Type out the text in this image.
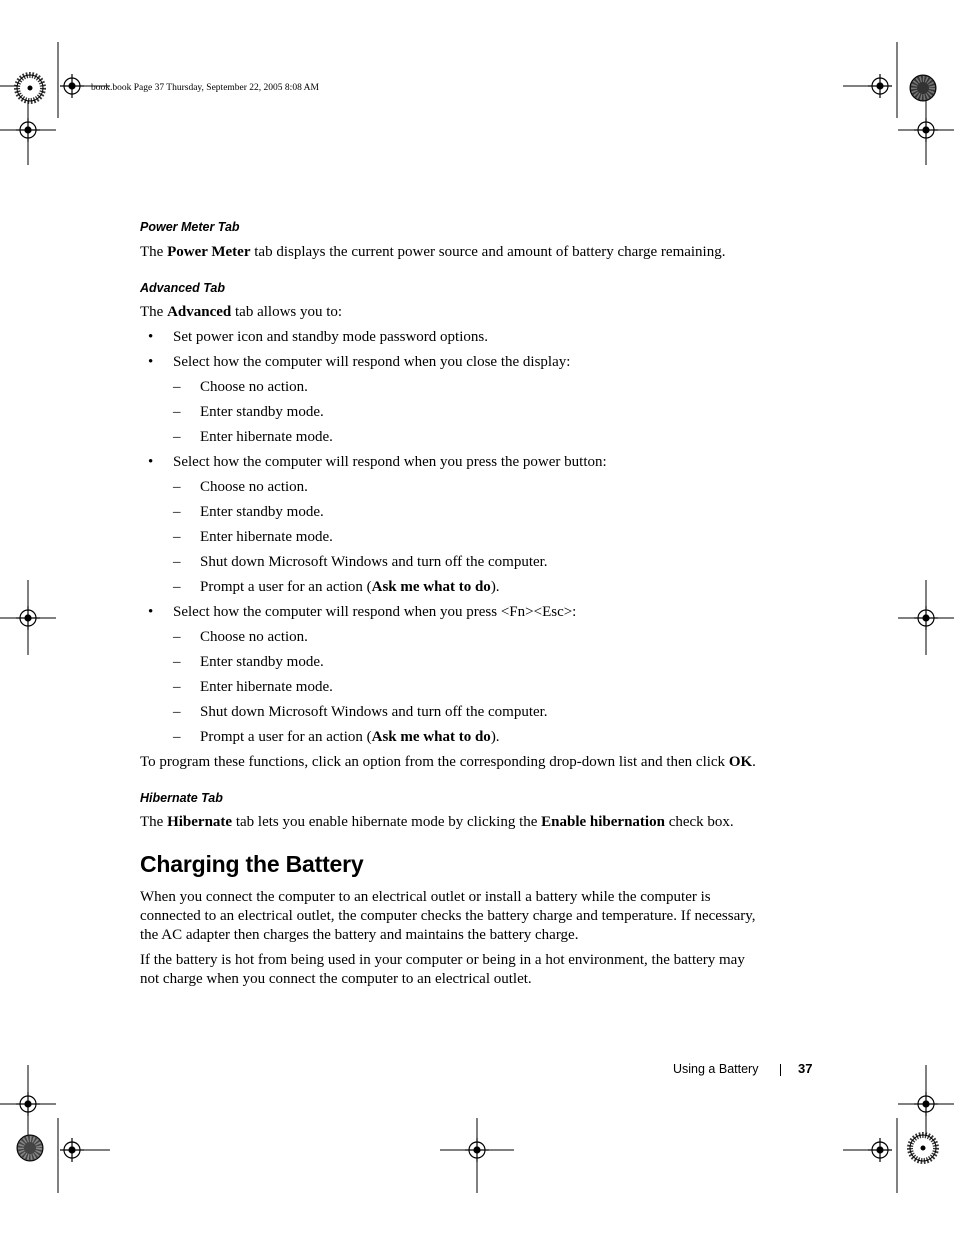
book.book Page 37 Thursday, September 22, 2005 8:08 AM
Power Meter Tab

The Power Meter tab displays the current power source and amount of battery charge remaining.

Advanced Tab

The Advanced tab allows you to:

• Set power icon and standby mode password options.
• Select how the computer will respond when you close the display:
– Choose no action.
– Enter standby mode.
– Enter hibernate mode.
• Select how the computer will respond when you press the power button:
– Choose no action.
– Enter standby mode.
– Enter hibernate mode.
– Shut down Microsoft Windows and turn off the computer.
– Prompt a user for an action (Ask me what to do).
• Select how the computer will respond when you press <Fn><Esc>:
– Choose no action.
– Enter standby mode.
– Enter hibernate mode.
– Shut down Microsoft Windows and turn off the computer.
– Prompt a user for an action (Ask me what to do).

To program these functions, click an option from the corresponding drop-down list and then click OK.

Hibernate Tab

The Hibernate tab lets you enable hibernate mode by clicking the Enable hibernation check box.

Charging the Battery
When you connect the computer to an electrical outlet or install a battery while the computer is
connected to an electrical outlet, the computer checks the battery charge and temperature. If necessary,
the AC adapter then charges the battery and maintains the battery charge.
If the battery is hot from being used in your computer or being in a hot environment, the battery may
not charge when you connect the computer to an electrical outlet.
Using a Battery	37
